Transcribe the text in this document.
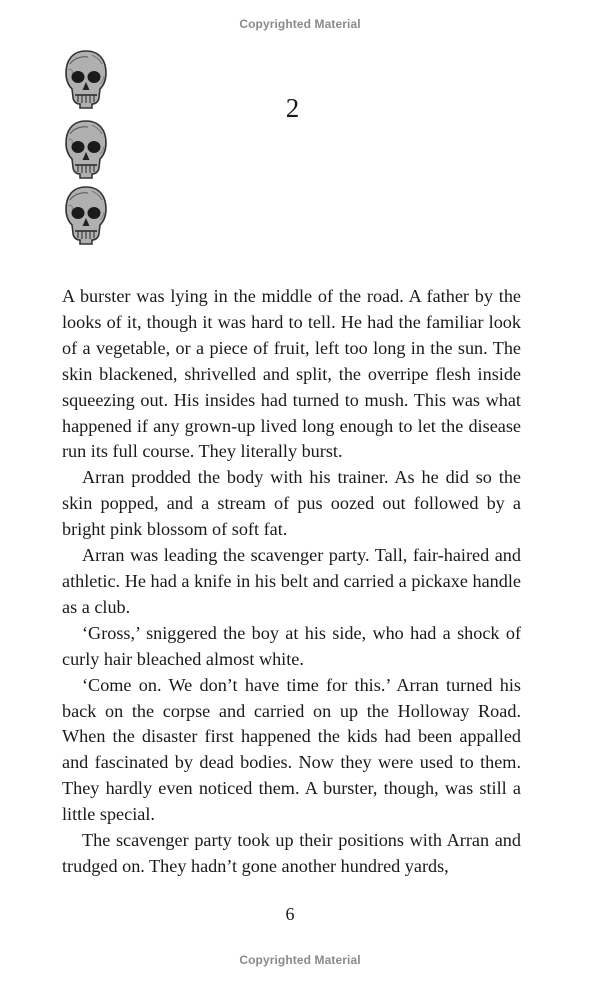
Copyrighted Material
2

A burster was lying in the middle of the road. A father by the looks of it, though it was hard to tell. He had the familiar look of a vegetable, or a piece of fruit, left too long in the sun. The skin blackened, shrivelled and split, the overripe flesh inside squeezing out. His insides had turned to mush. This was what happened if any grown-up lived long enough to let the disease run its full course. They literally burst.

Arran prodded the body with his trainer. As he did so the skin popped, and a stream of pus oozed out followed by a bright pink blossom of soft fat.

Arran was leading the scavenger party. Tall, fair-haired and athletic. He had a knife in his belt and carried a pickaxe handle as a club.

‘Gross,’ sniggered the boy at his side, who had a shock of curly hair bleached almost white.

‘Come on. We don’t have time for this.’ Arran turned his back on the corpse and carried on up the Holloway Road. When the disaster first happened the kids had been appalled and fascinated by dead bodies. Now they were used to them. They hardly even noticed them. A burster, though, was still a little special.

The scavenger party took up their positions with Arran and trudged on. They hadn’t gone another hundred yards,

6
Copyrighted Material
